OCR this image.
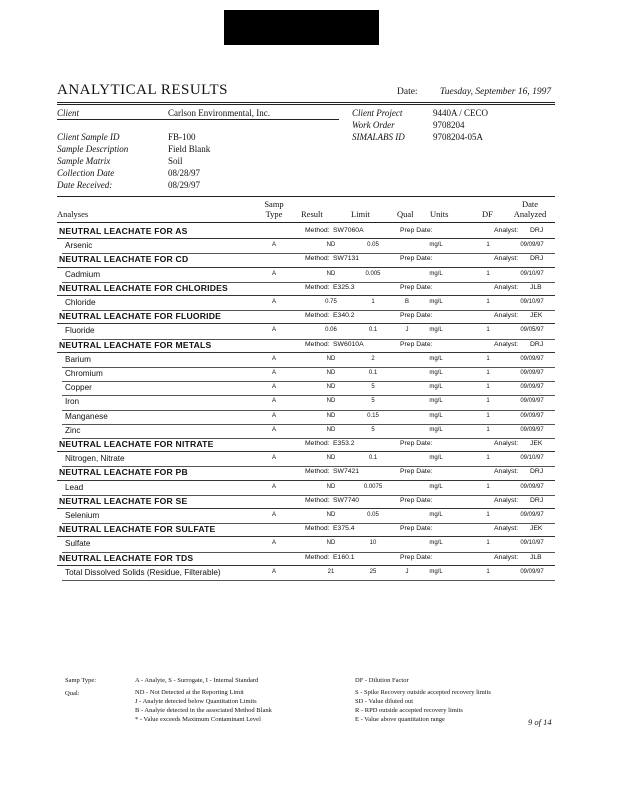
ANALYTICAL RESULTS	Date: Tuesday, September 16, 1997
Client	Carlson Environmental, Inc.	Client Project	9440A / CECO
Work Order	9708204
Client Sample ID	FB-100	SIMALABS ID	9708204-05A
Sample Description	Field Blank
Sample Matrix	Soil
Collection Date	08/28/97
Date Received:	08/29/97
Analyses
Samp
Type	Result	Limit	Qual Units	DF
Date
Analyzed
NEUTRAL LEACHATE FOR AS	Method: SW7060A	Prep Date:	Analyst: DRJ
Arsenic	A	ND	0.05	mg/L	1	09/09/97
NEUTRAL LEACHATE FOR CD	Method: SW7131	Prep Date:	Analyst: DRJ
Cadmium	A	ND	0.005	mg/L	1	09/10/97
NEUTRAL LEACHATE FOR CHLORIDES	Method: E325.3	Prep Date:	Analyst: JLB
Chloride	A	0.75	1	B	mg/L	1	09/10/97
NEUTRAL LEACHATE FOR FLUORIDE	Method: E340.2	Prep Date:	Analyst: JEK
Fluoride	A	0.06	0.1	J	mg/L	1	09/05/97
NEUTRAL LEACHATE FOR METALS	Method: SW6010A	Prep Date:	Analyst: DRJ
Barium	A	ND	2	mg/L	1	09/09/97
Chromium	A	ND	0.1	mg/L	1	09/09/97
Copper	A	ND	5	mg/L	1	09/09/97
Iron	A	ND	5	mg/L	1	09/09/97
Manganese	A	ND	0.15	mg/L	1	09/09/97
Zinc	A	ND	5	mg/L	1	09/09/97
NEUTRAL LEACHATE FOR NITRATE	Method: E353.2	Prep Date:	Analyst: JEK
Nitrogen, Nitrate	A	ND	0.1	mg/L	1	09/10/97
NEUTRAL LEACHATE FOR PB	Method: SW7421	Prep Date:	Analyst: DRJ
Lead	A	ND	0.0075	mg/L	1	09/09/97
NEUTRAL LEACHATE FOR SE	Method: SW7740	Prep Date:	Analyst: DRJ
Selenium	A	ND	0.05	mg/L	1	09/09/97
NEUTRAL LEACHATE FOR SULFATE	Method: E375.4	Prep Date:	Analyst: JEK
Sulfate	A	ND	10	mg/L	1	09/10/97
NEUTRAL LEACHATE FOR TDS	Method: E160.1	Prep Date:	Analyst: JLB
Total Dissolved Solids (Residue, Filterable)	A	21	25	J	mg/L	1	09/09/97
Samp Type:	A - Analyte, S - Surrogate, I - Internal Standard	DF - Dilution Factor
Qual:	ND - Not Detected at the Reporting Limit
J - Analyte detected below Quantitation Limits
B - Analyte detected in the associated Method Blank
* - Value exceeds Maximum Contaminant Level
S - Spike Recovery outside accepted recovery limits
SD - Value diluted out
R - RPD outside accepted recovery limits
E - Value above quantitation range	9 of 14
